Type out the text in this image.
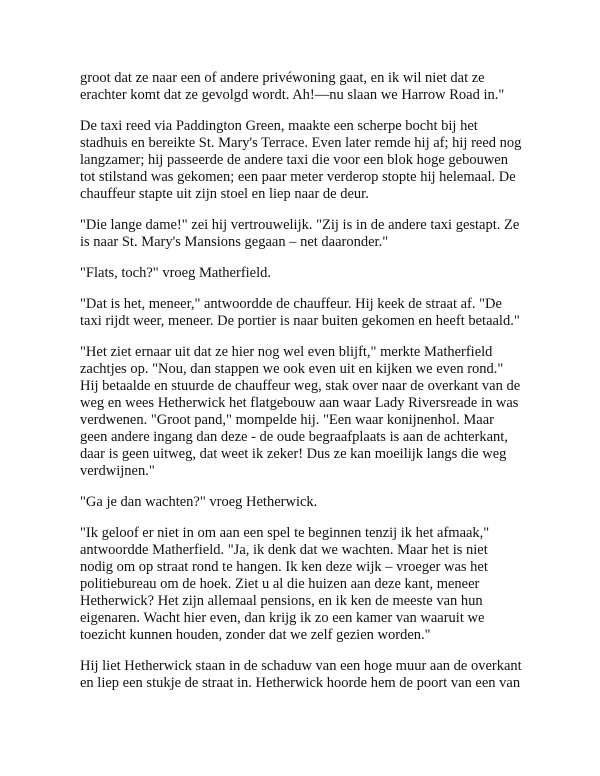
groot dat ze naar een of andere privéwoning gaat, en ik wil niet dat ze
erachter komt dat ze gevolgd wordt. Ah!—nu slaan we Harrow Road in."

De taxi reed via Paddington Green, maakte een scherpe bocht bij het
stadhuis en bereikte St. Mary's Terrace. Even later remde hij af; hij reed nog
langzamer; hij passeerde de andere taxi die voor een blok hoge gebouwen
tot stilstand was gekomen; een paar meter verderop stopte hij helemaal. De
chauffeur stapte uit zijn stoel en liep naar de deur.

"Die lange dame!" zei hij vertrouwelijk. "Zij is in de andere taxi gestapt. Ze
is naar St. Mary's Mansions gegaan – net daaronder."

"Flats, toch?" vroeg Matherfield.

"Dat is het, meneer," antwoordde de chauffeur. Hij keek de straat af. "De
taxi rijdt weer, meneer. De portier is naar buiten gekomen en heeft betaald."

"Het ziet ernaar uit dat ze hier nog wel even blijft," merkte Matherfield
zachtjes op. "Nou, dan stappen we ook even uit en kijken we even rond."
Hij betaalde en stuurde de chauffeur weg, stak over naar de overkant van de
weg en wees Hetherwick het flatgebouw aan waar Lady Riversreade in was
verdwenen. "Groot pand," mompelde hij. "Een waar konijnenhol. Maar
geen andere ingang dan deze - de oude begraafplaats is aan de achterkant,
daar is geen uitweg, dat weet ik zeker! Dus ze kan moeilijk langs die weg
verdwijnen."

"Ga je dan wachten?" vroeg Hetherwick.

"Ik geloof er niet in om aan een spel te beginnen tenzij ik het afmaak,"
antwoordde Matherfield. "Ja, ik denk dat we wachten. Maar het is niet
nodig om op straat rond te hangen. Ik ken deze wijk – vroeger was het
politiebureau om de hoek. Ziet u al die huizen aan deze kant, meneer
Hetherwick? Het zijn allemaal pensions, en ik ken de meeste van hun
eigenaren. Wacht hier even, dan krijg ik zo een kamer van waaruit we
toezicht kunnen houden, zonder dat we zelf gezien worden."

Hij liet Hetherwick staan in de schaduw van een hoge muur aan de overkant
en liep een stukje de straat in. Hetherwick hoorde hem de poort van een van
